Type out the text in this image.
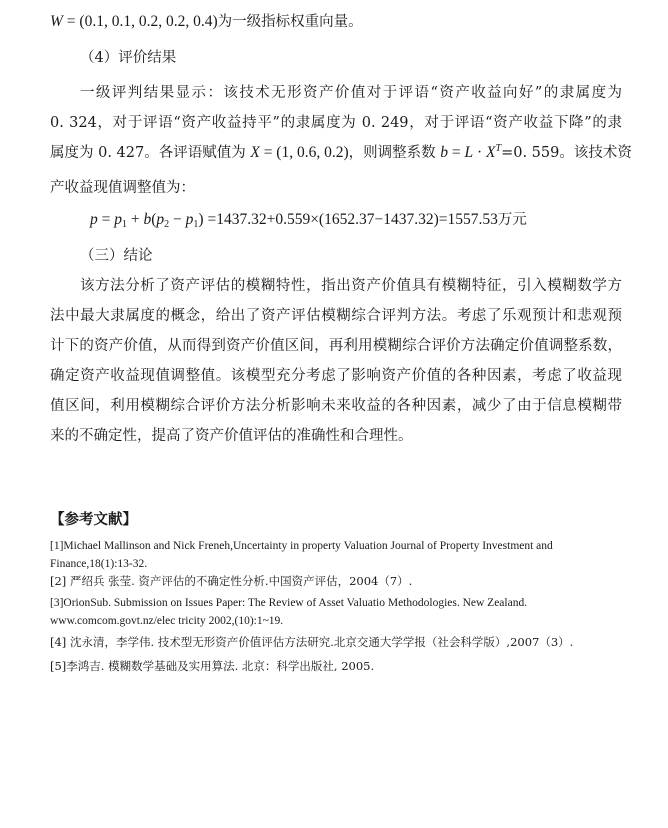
W = (0.1, 0.1, 0.2, 0.2, 0.4)为一级指标权重向量。
（4）评价结果
一级评判结果显示：该技术无形资产价值对于评语“资产收益向好”的隶属度为
0. 324，对于评语“资产收益持平”的隶属度为 0. 249，对于评语“资产收益下降”的隶
属度为 0. 427。各评语赋值为 X = (1, 0.6, 0.2)，则调整系数 $b = L \cdot X^T=0$. 559。该技术资
产收益现值调整值为：
$p = p_1 + b(p_2 - p_1) =1437.32+0.559\times(1652.37-1437.32)=1557.53$万元
（三）结论
该方法分析了资产评估的模糊特性，指出资产价值具有模糊特征，引入模糊数学方
法中最大隶属度的概念，给出了资产评估模糊综合评判方法。考虑了乐观预计和悲观预
计下的资产价值，从而得到资产价值区间，再利用模糊综合评价方法确定价值调整系数，
确定资产收益现值调整值。该模型充分考虑了影响资产价值的各种因素，考虑了收益现
值区间，利用模糊综合评价方法分析影响未来收益的各种因素，减少了由于信息模糊带
来的不确定性，提高了资产价值评估的准确性和合理性。
【参考文献】
[1]Michael Mallinson and Nick Freneh,Uncertainty in property Valuation Journal of Property Investment and
Finance,18(1):13-32.
[2] 严绍兵 张莹. 资产评估的不确定性分析.中国资产评估，2004（7）.
[3]OrionSub. Submission on Issues Paper: The Review of Asset Valuatio Methodologies. New Zealand.
www.comcom.govt.nz/elec tricity 2002,(10):1~19.
[4] 沈永清，李学伟. 技术型无形资产价值评估方法研究.北京交通大学学报（社会科学版）,2007（3）.
[5]李鸿吉. 模糊数学基础及实用算法. 北京：科学出版社, 2005.
